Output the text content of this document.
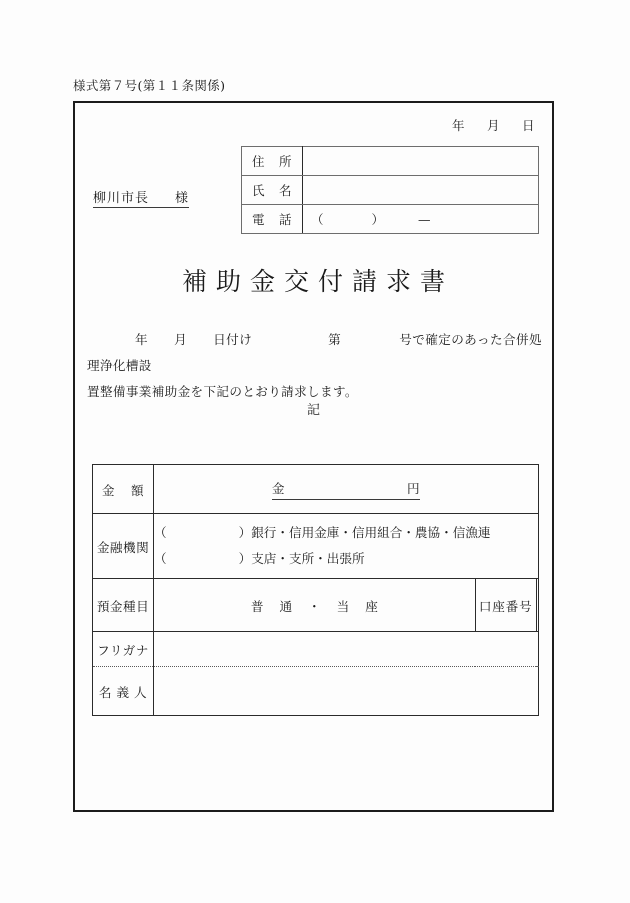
様式第７号(第１１条関係)
年 月 日
柳川市長 様
住 所	
氏 名	
電 話	（ ） —
補助金交付請求書
年 月 日付け	第	号で確定のあった合併処理浄化槽設
置整備事業補助金を下記のとおり請求します。
記
金 額	金 円		
金融機関	（ ）銀行・信用金庫・信用組合・農協・信漁連
（ ）支店・支所・出張所		

預金種目	普 通 ・ 当 座	口座番号	
フリガナ			
名 義 人			
